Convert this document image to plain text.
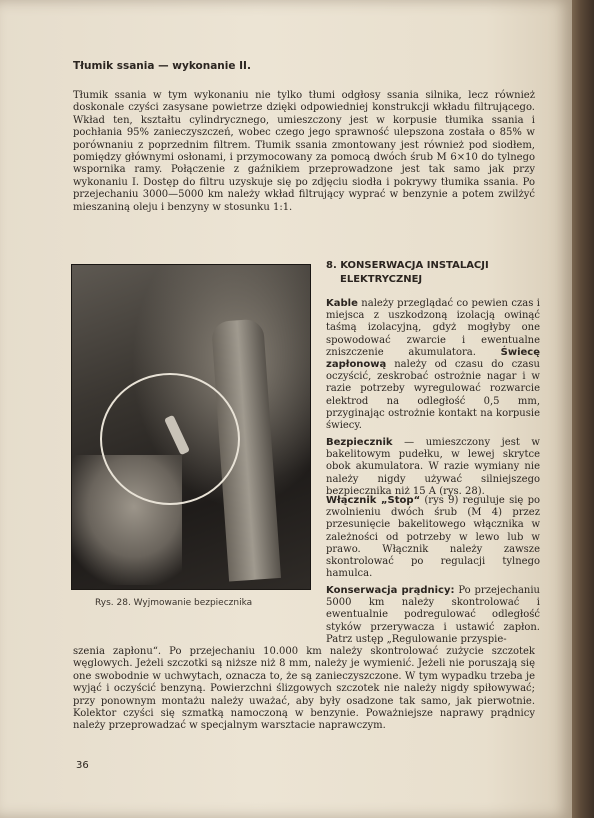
Tłumik ssania — wykonanie II.

Tłumik ssania w tym wykonaniu nie tylko tłumi odgłosy ssania silnika, lecz również doskonale czyści zasysane powietrze dzięki odpowiedniej konstrukcji wkładu filtrującego. Wkład ten, kształtu cylindrycznego, umieszczony jest w korpusie tłumika ssania i pochłania 95% zanieczyszczeń, wobec czego jego sprawność ulepszona została o 85% w porównaniu z poprzednim filtrem. Tłumik ssania zmontowany jest również pod siodłem, pomiędzy głównymi osłonami, i przymocowany za pomocą dwóch śrub M 6×10 do tylnego wspornika ramy. Połączenie z gaźnikiem przeprowadzone jest tak samo jak przy wykonaniu I. Dostęp do filtru uzyskuje się po zdjęciu siodła i pokrywy tłumika ssania. Po przejechaniu 3000—5000 km należy wkład filtrujący wyprać w benzynie a potem zwilżyć mieszaniną oleju i benzyny w stosunku 1:1.

Rys. 28. Wyjmowanie bezpiecznika
8. KONSERWACJA INSTALACJI
ELEKTRYCZNEJ

Kable należy przeglądać co pewien czas i miejsca z uszkodzoną izolacją owinąć taśmą izolacyjną, gdyż mogłyby one spowodować zwarcie i ewentualne zniszczenie akumulatora. Świecę zapłonową należy od czasu do czasu oczyścić, zeskrobać ostrożnie nagar i w razie potrzeby wyregulować rozwarcie elektrod na odległość 0,5 mm, przyginając ostrożnie kontakt na korpusie świecy.

Bezpiecznik — umieszczony jest w bakelitowym pudełku, w lewej skrytce obok akumulatora. W razie wymiany nie należy nigdy używać silniejszego bezpiecznika niż 15 A (rys. 28).

Włącznik „Stop“ (rys 9) reguluje się po zwolnieniu dwóch śrub (M 4) przez przesunięcie bakelitowego włącznika w zależności od potrzeby w lewo lub w prawo. Włącznik należy zawsze skontrolować po regulacji tylnego hamulca.

Konserwacja prądnicy: Po przejechaniu 5000 km należy skontrolować i ewentualnie podregulować odległość styków przerywacza i ustawić zapłon. Patrz ustęp „Regulowanie przyspie-

szenia zapłonu“. Po przejechaniu 10.000 km należy skontrolować zużycie szczotek węglowych. Jeżeli szczotki są niższe niż 8 mm, należy je wymienić. Jeżeli nie poruszają się one swobodnie w uchwytach, oznacza to, że są zanieczyszczone. W tym wypadku trzeba je wyjąć i oczyścić benzyną. Powierzchni ślizgowych szczotek nie należy nigdy spiłowywać; przy ponownym montażu należy uważać, aby były osadzone tak samo, jak pierwotnie. Kolektor czyści się szmatką namoczoną w benzynie. Poważniejsze naprawy prądnicy należy przeprowadzać w specjalnym warsztacie naprawczym.

36
